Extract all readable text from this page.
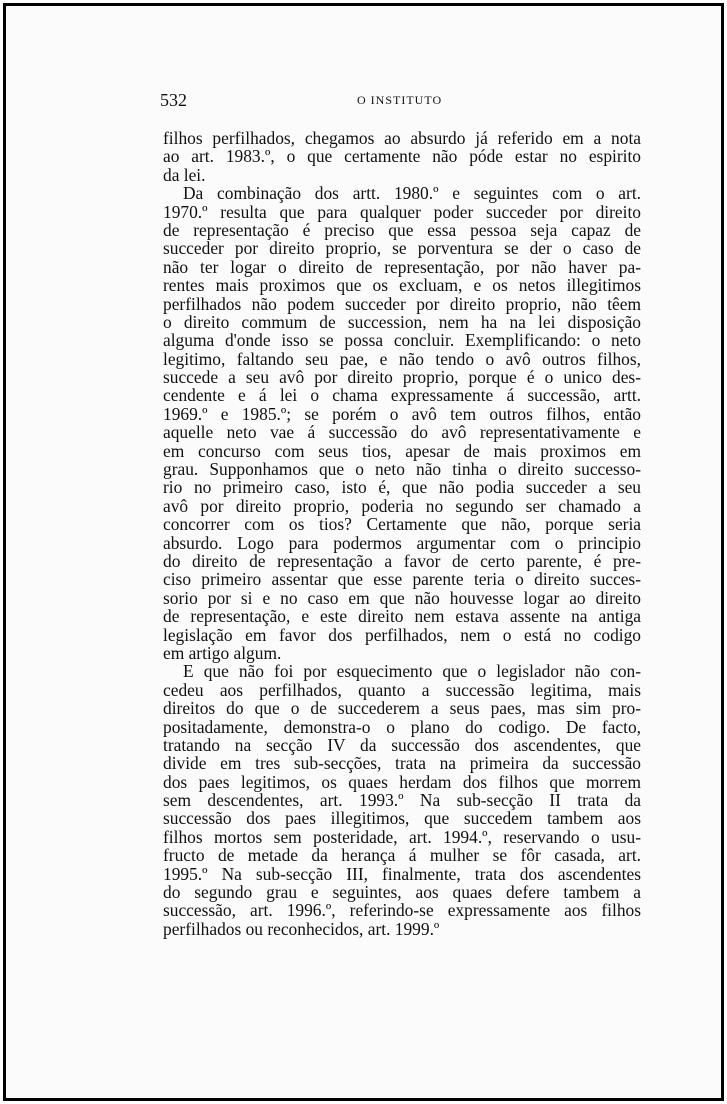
532	O INSTITUTO
filhos perfilhados, chegamos ao absurdo já referido em a nota
ao art. 1983.º, o que certamente não póde estar no espirito
da lei.
Da combinação dos artt. 1980.º e seguintes com o art.
1970.º resulta que para qualquer poder succeder por direito
de representação é preciso que essa pessoa seja capaz de
succeder por direito proprio, se porventura se der o caso de
não ter logar o direito de representação, por não haver pa-
rentes mais proximos que os excluam, e os netos illegitimos
perfilhados não podem succeder por direito proprio, não têem
o direito commum de succession, nem ha na lei disposição
alguma d'onde isso se possa concluir. Exemplificando: o neto
legitimo, faltando seu pae, e não tendo o avô outros filhos,
succede a seu avô por direito proprio, porque é o unico des-
cendente e á lei o chama expressamente á successão, artt.
1969.º e 1985.º; se porém o avô tem outros filhos, então
aquelle neto vae á successão do avô representativamente e
em concurso com seus tios, apesar de mais proximos em
grau. Supponhamos que o neto não tinha o direito successo-
rio no primeiro caso, isto é, que não podia succeder a seu
avô por direito proprio, poderia no segundo ser chamado a
concorrer com os tios? Certamente que não, porque seria
absurdo. Logo para podermos argumentar com o principio
do direito de representação a favor de certo parente, é pre-
ciso primeiro assentar que esse parente teria o direito succes-
sorio por si e no caso em que não houvesse logar ao direito
de representação, e este direito nem estava assente na antiga
legislação em favor dos perfilhados, nem o está no codigo
em artigo algum.
E que não foi por esquecimento que o legislador não con-
cedeu aos perfilhados, quanto a successão legitima, mais
direitos do que o de succederem a seus paes, mas sim pro-
positadamente, demonstra-o o plano do codigo. De facto,
tratando na secção IV da successão dos ascendentes, que
divide em tres sub-secções, trata na primeira da successão
dos paes legitimos, os quaes herdam dos filhos que morrem
sem descendentes, art. 1993.º Na sub-secção II trata da
successão dos paes illegitimos, que succedem tambem aos
filhos mortos sem posteridade, art. 1994.º, reservando o usu-
fructo de metade da herança á mulher se fôr casada, art.
1995.º Na sub-secção III, finalmente, trata dos ascendentes
do segundo grau e seguintes, aos quaes defere tambem a
successão, art. 1996.º, referindo-se expressamente aos filhos
perfilhados ou reconhecidos, art. 1999.º
